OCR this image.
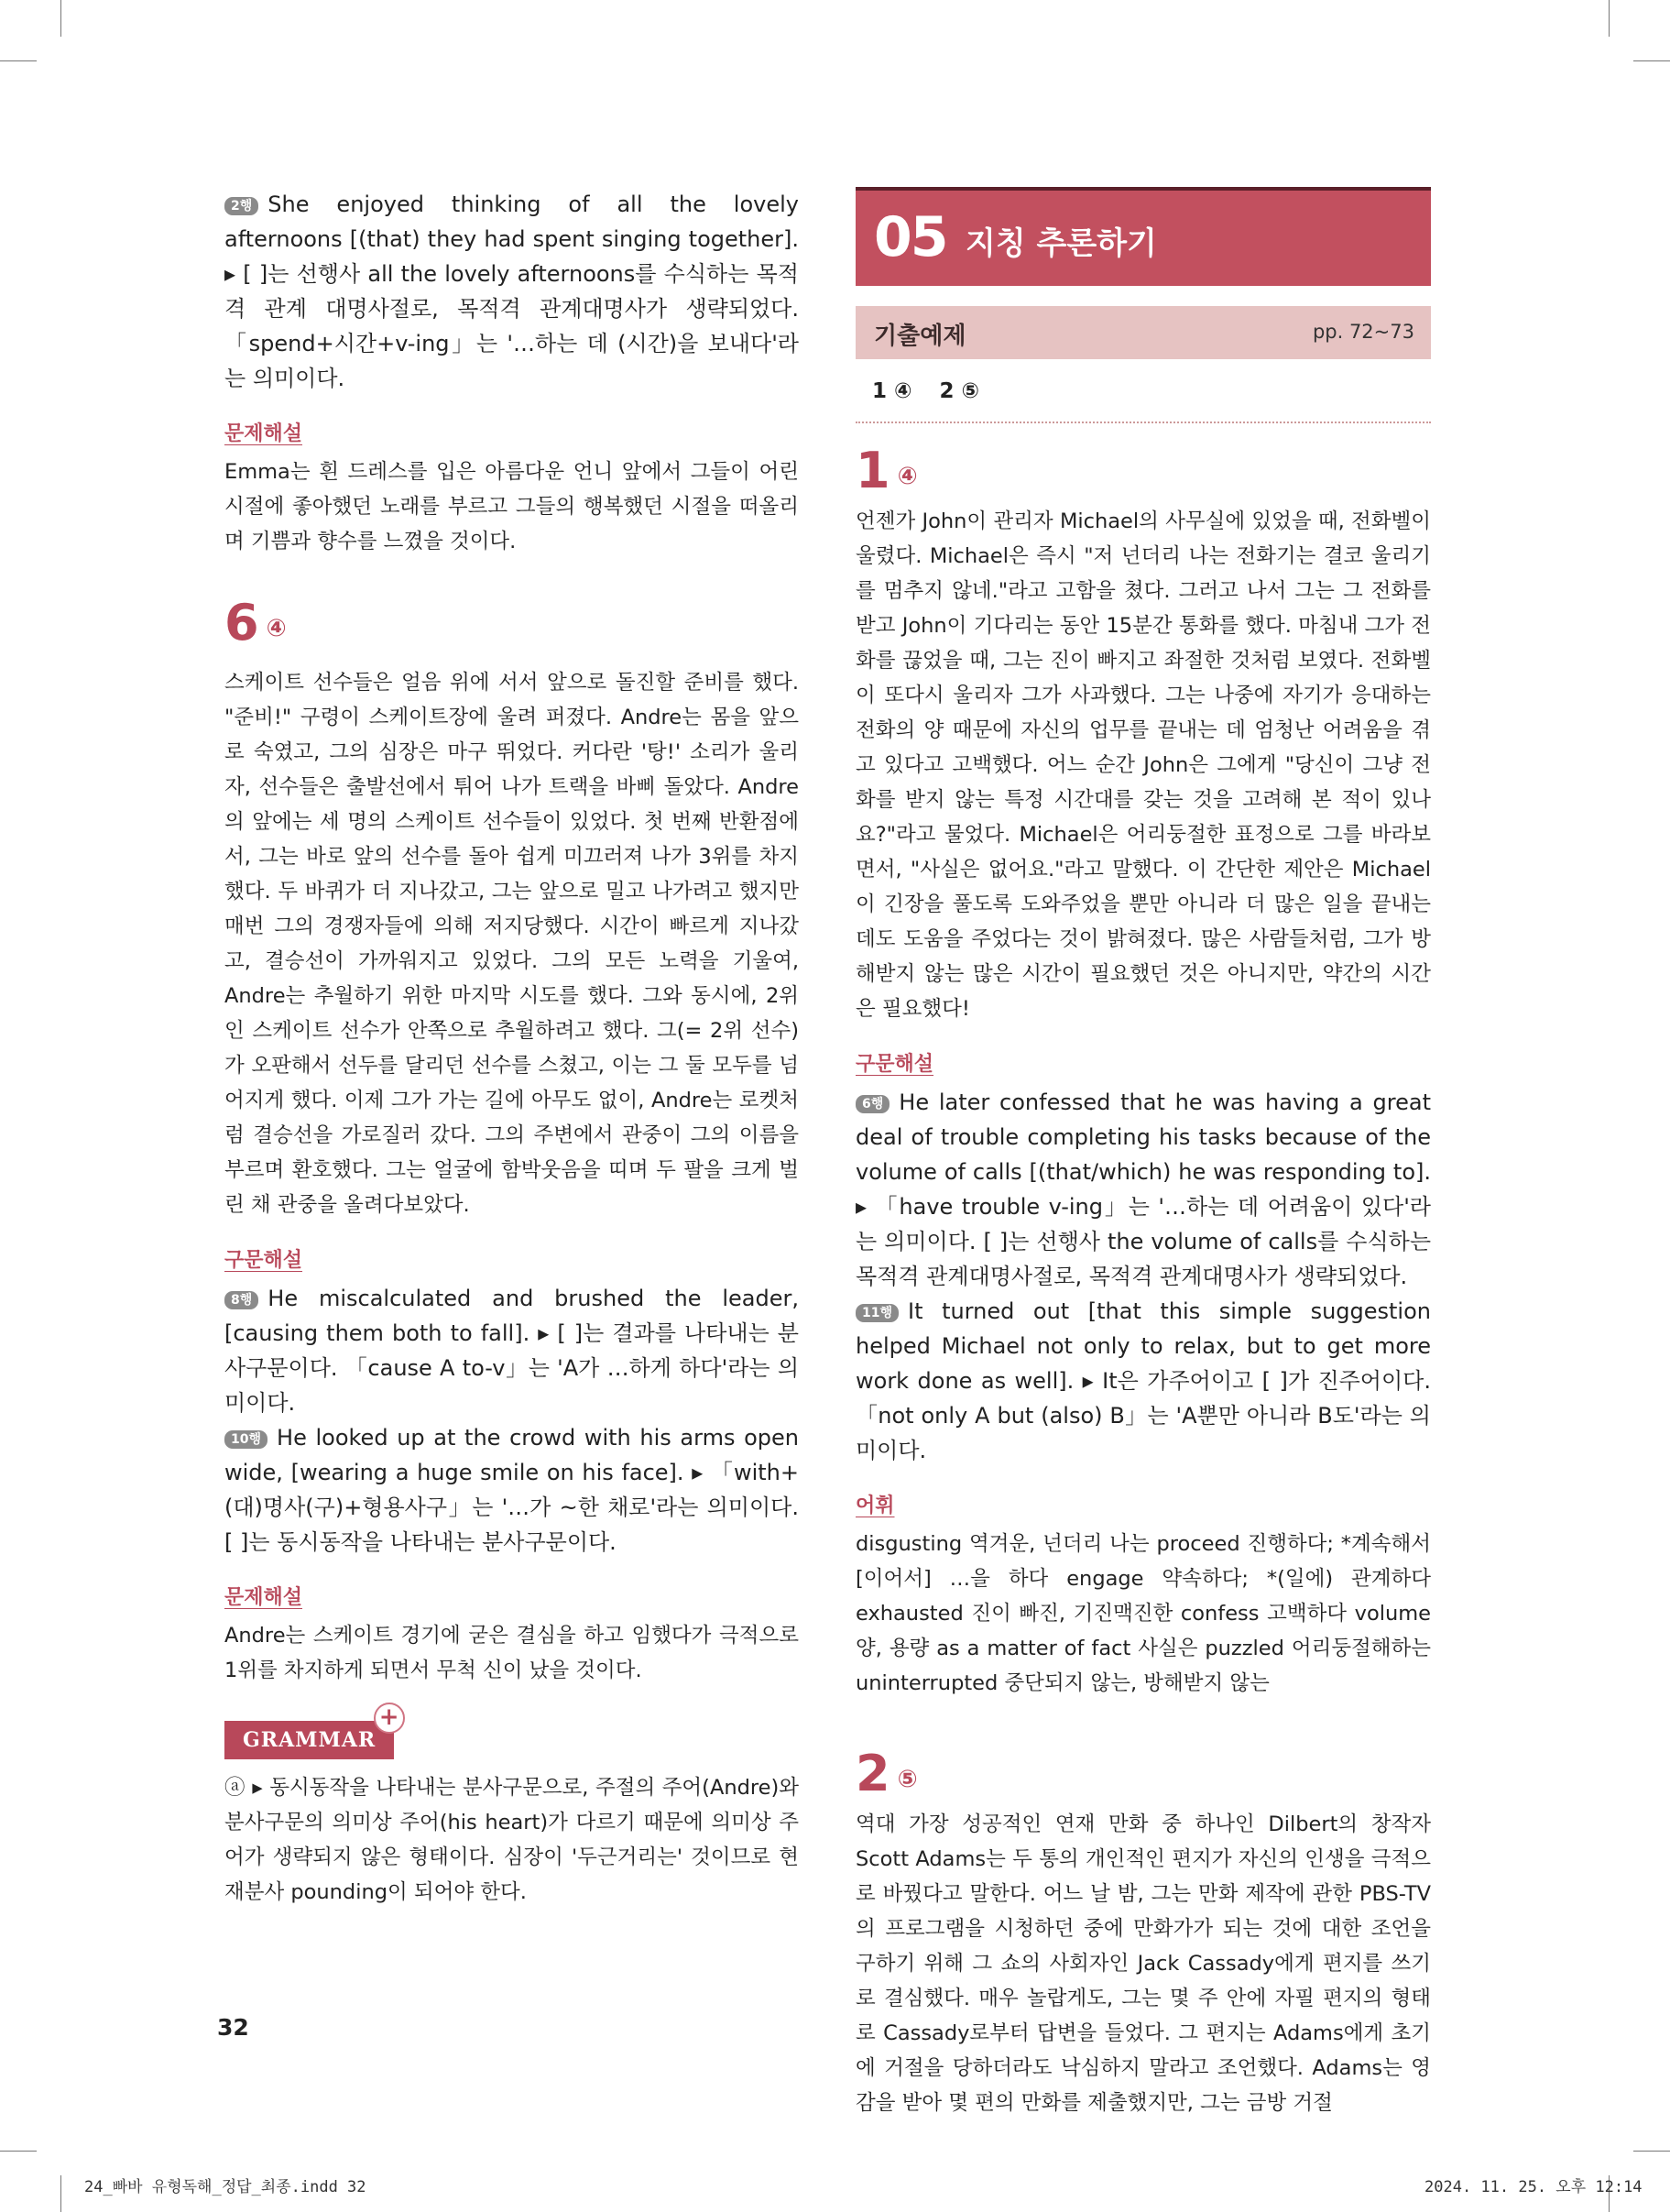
2행 She enjoyed thinking of all the lovely afternoons [(that) they had spent singing together]. ▸ [ ]는 선행사 all the lovely afternoons를 수식하는 목적격 관계 대명사절로, 목적격 관계대명사가 생략되었다. 「spend+시간+v-ing」는 '…하는 데 (시간)을 보내다'라는 의미이다.

문제해설

Emma는 흰 드레스를 입은 아름다운 언니 앞에서 그들이 어린 시절에 좋아했던 노래를 부르고 그들의 행복했던 시절을 떠올리며 기쁨과 향수를 느꼈을 것이다.

6 ④

스케이트 선수들은 얼음 위에 서서 앞으로 돌진할 준비를 했다. "준비!" 구령이 스케이트장에 울려 퍼졌다. Andre는 몸을 앞으로 숙였고, 그의 심장은 마구 뛰었다. 커다란 '탕!' 소리가 울리자, 선수들은 출발선에서 튀어 나가 트랙을 바삐 돌았다. Andre의 앞에는 세 명의 스케이트 선수들이 있었다. 첫 번째 반환점에서, 그는 바로 앞의 선수를 돌아 쉽게 미끄러져 나가 3위를 차지했다. 두 바퀴가 더 지나갔고, 그는 앞으로 밀고 나가려고 했지만 매번 그의 경쟁자들에 의해 저지당했다. 시간이 빠르게 지나갔고, 결승선이 가까워지고 있었다. 그의 모든 노력을 기울여, Andre는 추월하기 위한 마지막 시도를 했다. 그와 동시에, 2위인 스케이트 선수가 안쪽으로 추월하려고 했다. 그(= 2위 선수)가 오판해서 선두를 달리던 선수를 스쳤고, 이는 그 둘 모두를 넘어지게 했다. 이제 그가 가는 길에 아무도 없이, Andre는 로켓처럼 결승선을 가로질러 갔다. 그의 주변에서 관중이 그의 이름을 부르며 환호했다. 그는 얼굴에 함박웃음을 띠며 두 팔을 크게 벌린 채 관중을 올려다보았다.

구문해설

8행 He miscalculated and brushed the leader, [causing them both to fall]. ▸ [ ]는 결과를 나타내는 분사구문이다. 「cause A to-v」는 'A가 …하게 하다'라는 의미이다.

10행 He looked up at the crowd with his arms open wide, [wearing a huge smile on his face]. ▸ 「with+(대)명사(구)+형용사구」는 '…가 ~한 채로'라는 의미이다. [ ]는 동시동작을 나타내는 분사구문이다.

문제해설

Andre는 스케이트 경기에 굳은 결심을 하고 임했다가 극적으로 1위를 차지하게 되면서 무척 신이 났을 것이다.

GRAMMAR
+

ⓐ ▸ 동시동작을 나타내는 분사구문으로, 주절의 주어(Andre)와 분사구문의 의미상 주어(his heart)가 다르기 때문에 의미상 주어가 생략되지 않은 형태이다. 심장이 '두근거리는' 것이므로 현재분사 pounding이 되어야 한다.

05 지칭 추론하기
기출예제	pp. 72~73
1 ④ 2 ⑤
1 ④

언젠가 John이 관리자 Michael의 사무실에 있었을 때, 전화벨이 울렸다. Michael은 즉시 "저 넌더리 나는 전화기는 결코 울리기를 멈추지 않네."라고 고함을 쳤다. 그러고 나서 그는 그 전화를 받고 John이 기다리는 동안 15분간 통화를 했다. 마침내 그가 전화를 끊었을 때, 그는 진이 빠지고 좌절한 것처럼 보였다. 전화벨이 또다시 울리자 그가 사과했다. 그는 나중에 자기가 응대하는 전화의 양 때문에 자신의 업무를 끝내는 데 엄청난 어려움을 겪고 있다고 고백했다. 어느 순간 John은 그에게 "당신이 그냥 전화를 받지 않는 특정 시간대를 갖는 것을 고려해 본 적이 있나요?"라고 물었다. Michael은 어리둥절한 표정으로 그를 바라보면서, "사실은 없어요."라고 말했다. 이 간단한 제안은 Michael이 긴장을 풀도록 도와주었을 뿐만 아니라 더 많은 일을 끝내는 데도 도움을 주었다는 것이 밝혀졌다. 많은 사람들처럼, 그가 방해받지 않는 많은 시간이 필요했던 것은 아니지만, 약간의 시간은 필요했다!

구문해설

6행 He later confessed that he was having a great deal of trouble completing his tasks because of the volume of calls [(that/which) he was responding to]. ▸ 「have trouble v-ing」는 '…하는 데 어려움이 있다'라는 의미이다. [ ]는 선행사 the volume of calls를 수식하는 목적격 관계대명사절로, 목적격 관계대명사가 생략되었다.

11행 It turned out [that this simple suggestion helped Michael not only to relax, but to get more work done as well]. ▸ It은 가주어이고 [ ]가 진주어이다. 「not only A but (also) B」는 'A뿐만 아니라 B도'라는 의미이다.

어휘

disgusting 역겨운, 넌더리 나는 proceed 진행하다; *계속해서[이어서] …을 하다 engage 약속하다; *(일에) 관계하다 exhausted 진이 빠진, 기진맥진한 confess 고백하다 volume 양, 용량 as a matter of fact 사실은 puzzled 어리둥절해하는 uninterrupted 중단되지 않는, 방해받지 않는

2 ⑤

역대 가장 성공적인 연재 만화 중 하나인 Dilbert의 창작자 Scott Adams는 두 통의 개인적인 편지가 자신의 인생을 극적으로 바꿨다고 말한다. 어느 날 밤, 그는 만화 제작에 관한 PBS-TV의 프로그램을 시청하던 중에 만화가가 되는 것에 대한 조언을 구하기 위해 그 쇼의 사회자인 Jack Cassady에게 편지를 쓰기로 결심했다. 매우 놀랍게도, 그는 몇 주 안에 자필 편지의 형태로 Cassady로부터 답변을 들었다. 그 편지는 Adams에게 초기에 거절을 당하더라도 낙심하지 말라고 조언했다. Adams는 영감을 받아 몇 편의 만화를 제출했지만, 그는 금방 거절

32
24_빠바 유형독해_정답_최종.indd 32	2024. 11. 25. 오후 12:14
